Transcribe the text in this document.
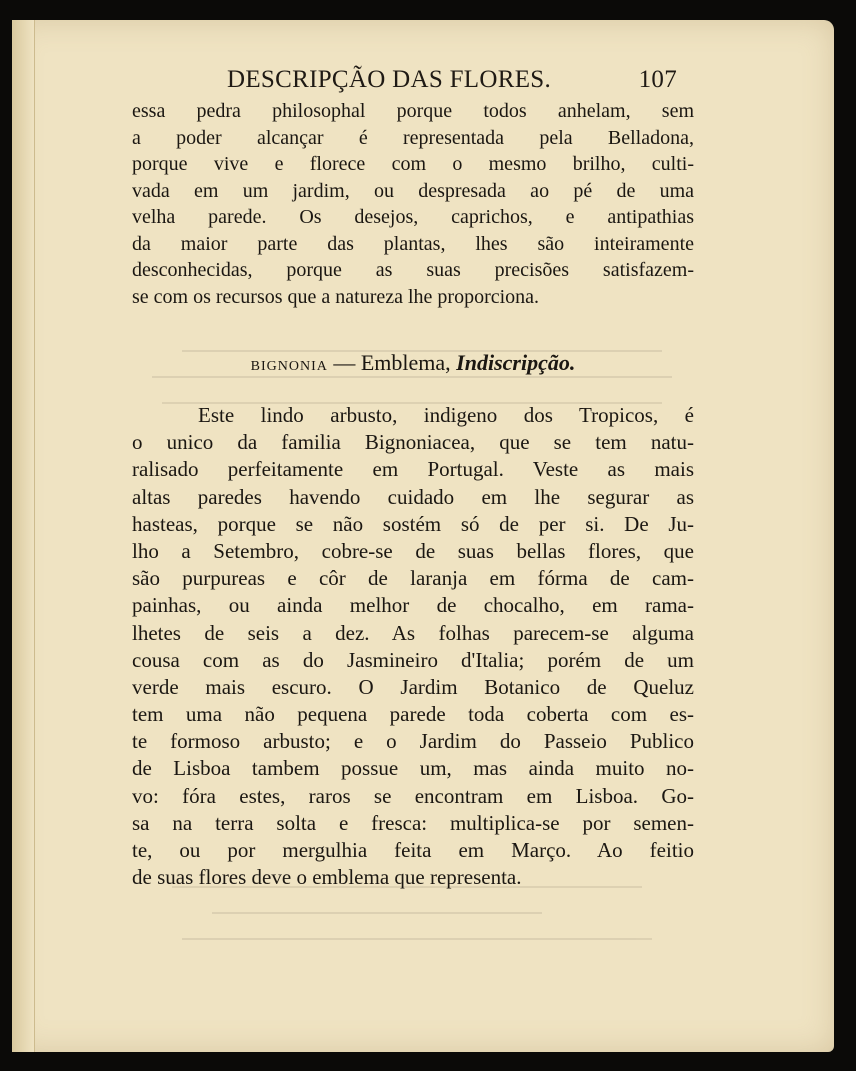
DESCRIPÇÃO DAS FLORES.	107
essa pedra philosophal porque todos anhelam, sem
a poder alcançar é representada pela Belladona,
porque vive e florece com o mesmo brilho, culti-
vada em um jardim, ou despresada ao pé de uma
velha parede. Os desejos, caprichos, e antipathias
da maior parte das plantas, lhes são inteiramente
desconhecidas, porque as suas precisões satisfazem-
se com os recursos que a natureza lhe proporciona.
BIGNONIA — Emblema, Indiscripção.
Este lindo arbusto, indigeno dos Tropicos, é
o unico da familia Bignoniacea, que se tem natu-
ralisado perfeitamente em Portugal. Veste as mais
altas paredes havendo cuidado em lhe segurar as
hasteas, porque se não sostém só de per si. De Ju-
lho a Setembro, cobre-se de suas bellas flores, que
são purpureas e côr de laranja em fórma de cam-
painhas, ou ainda melhor de chocalho, em rama-
lhetes de seis a dez. As folhas parecem-se alguma
cousa com as do Jasmineiro d'Italia; porém de um
verde mais escuro. O Jardim Botanico de Queluz
tem uma não pequena parede toda coberta com es-
te formoso arbusto; e o Jardim do Passeio Publico
de Lisboa tambem possue um, mas ainda muito no-
vo: fóra estes, raros se encontram em Lisboa. Go-
sa na terra solta e fresca: multiplica-se por semen-
te, ou por mergulhia feita em Março. Ao feitio
de suas flores deve o emblema que representa.
